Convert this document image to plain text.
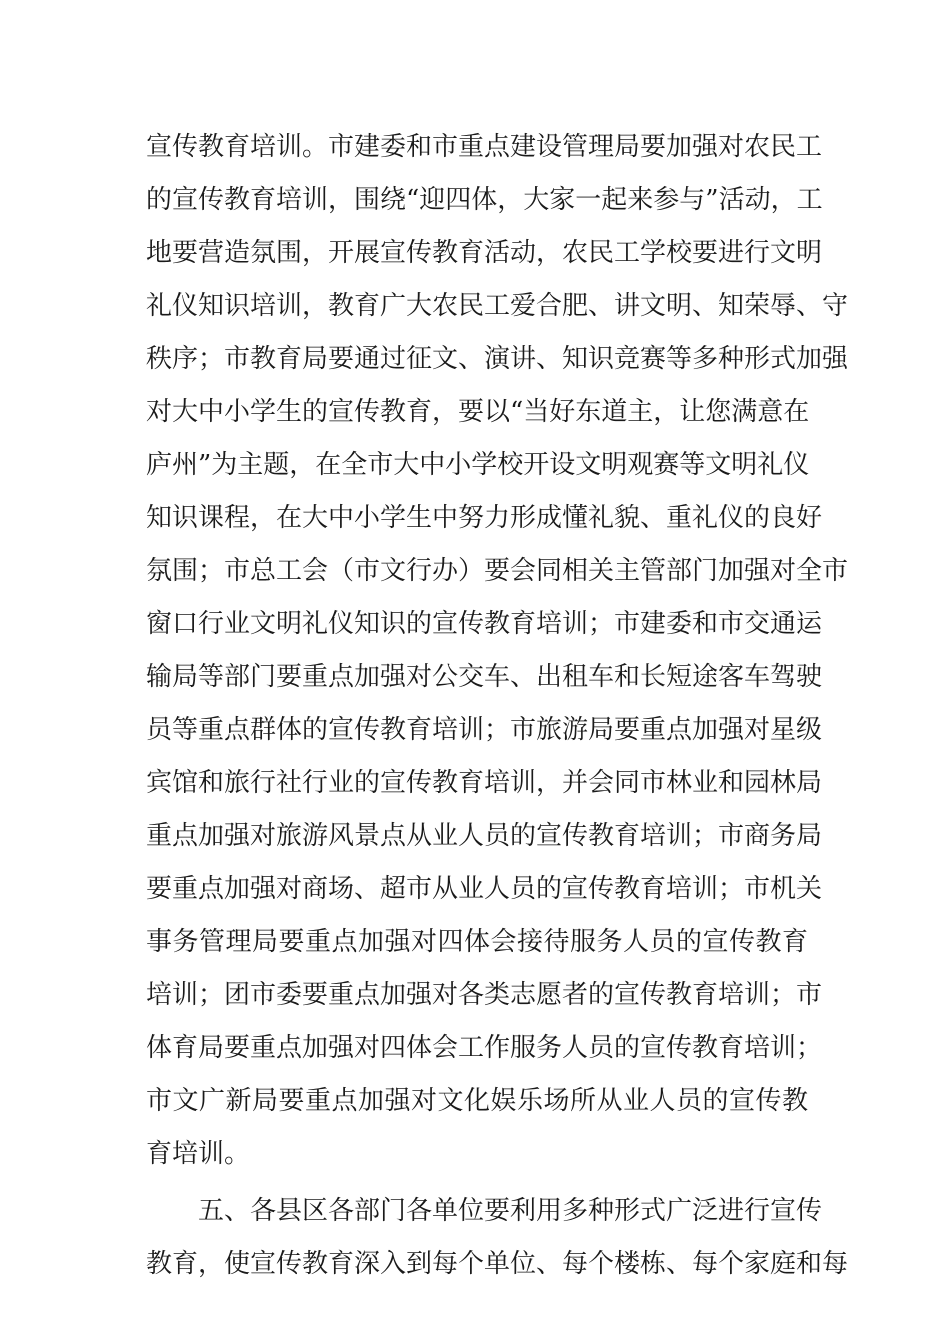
宣传教育培训。市建委和市重点建设管理局要加强对农民工
的宣传教育培训，围绕“迎四体，大家一起来参与”活动，工
地要营造氛围，开展宣传教育活动，农民工学校要进行文明
礼仪知识培训，教育广大农民工爱合肥、讲文明、知荣辱、守
秩序；市教育局要通过征文、演讲、知识竞赛等多种形式加强
对大中小学生的宣传教育，要以“当好东道主，让您满意在
庐州”为主题，在全市大中小学校开设文明观赛等文明礼仪
知识课程，在大中小学生中努力形成懂礼貌、重礼仪的良好
氛围；市总工会（市文行办）要会同相关主管部门加强对全市
窗口行业文明礼仪知识的宣传教育培训；市建委和市交通运
输局等部门要重点加强对公交车、出租车和长短途客车驾驶
员等重点群体的宣传教育培训；市旅游局要重点加强对星级
宾馆和旅行社行业的宣传教育培训，并会同市林业和园林局
重点加强对旅游风景点从业人员的宣传教育培训；市商务局
要重点加强对商场、超市从业人员的宣传教育培训；市机关
事务管理局要重点加强对四体会接待服务人员的宣传教育
培训；团市委要重点加强对各类志愿者的宣传教育培训；市
体育局要重点加强对四体会工作服务人员的宣传教育培训；
市文广新局要重点加强对文化娱乐场所从业人员的宣传教
育培训。
　　五、各县区各部门各单位要利用多种形式广泛进行宣传
教育，使宣传教育深入到每个单位、每个楼栋、每个家庭和每
